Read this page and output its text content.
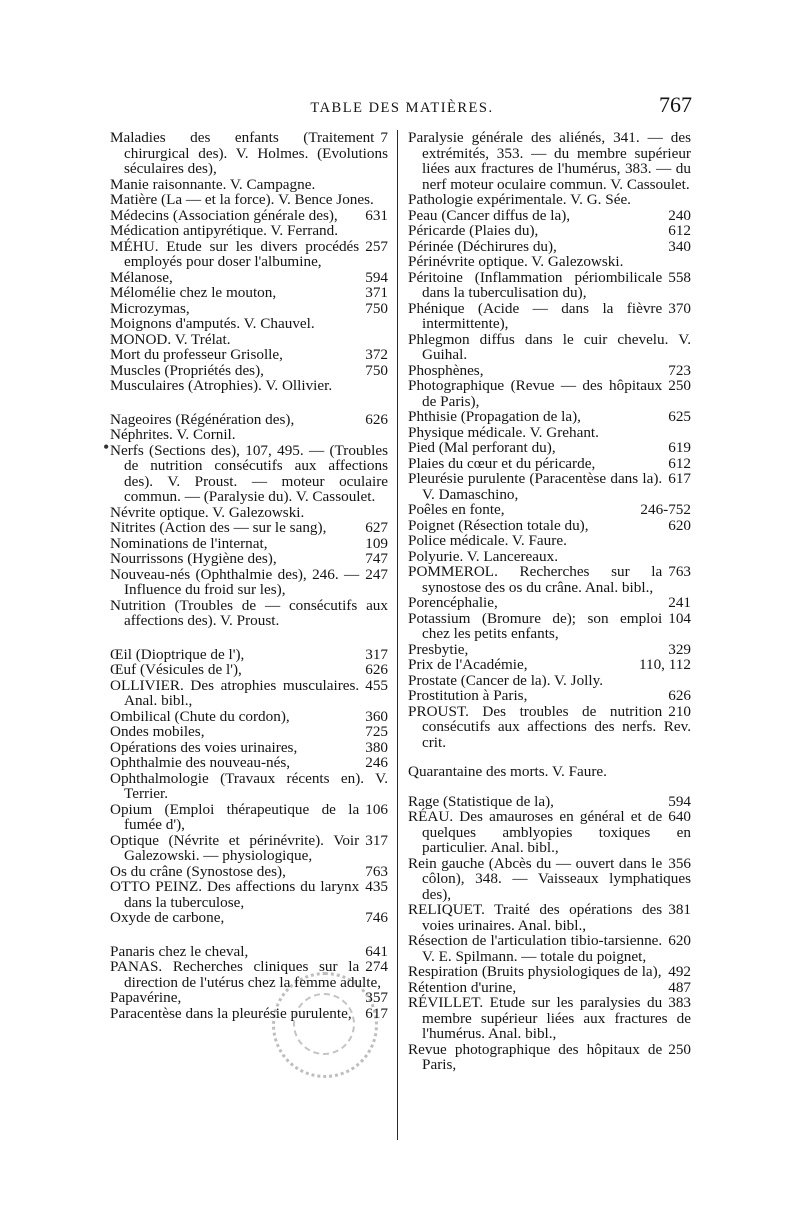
TABLE DES MATIÈRES.	767

7
Maladies des enfants (Traitement chirurgical des). V. Holmes. (Evolutions séculaires des),

Manie raisonnante. V. Campagne.

Matière (La — et la force). V. Bence Jones.

631
Médecins (Association générale des),

Médication antipyrétique. V. Ferrand.

257
MÉHU. Etude sur les divers procédés employés pour doser l'albumine,

594
Mélanose,

371
Mélomélie chez le mouton,

750
Microzymas,

Moignons d'amputés. V. Chauvel.

MONOD. V. Trélat.

372
Mort du professeur Grisolle,

750
Muscles (Propriétés des),

Musculaires (Atrophies). V. Ollivier.

626
Nageoires (Régénération des),

Néphrites. V. Cornil.

Nerfs (Sections des), 107, 495. — (Troubles de nutrition consécutifs aux affections des). V. Proust. — moteur oculaire commun. — (Paralysie du). V. Cassoulet.

Névrite optique. V. Galezowski.

627
Nitrites (Action des — sur le sang),

109
Nominations de l'internat,

747
Nourrissons (Hygiène des),

247
Nouveau-nés (Ophthalmie des), 246. — Influence du froid sur les),

Nutrition (Troubles de — consécutifs aux affections des). V. Proust.

317
Œil (Dioptrique de l'),

626
Œuf (Vésicules de l'),

455
OLLIVIER. Des atrophies musculaires. Anal. bibl.,

360
Ombilical (Chute du cordon),

725
Ondes mobiles,

380
Opérations des voies urinaires,

246
Ophthalmie des nouveau-nés,

Ophthalmologie (Travaux récents en). V. Terrier.

106
Opium (Emploi thérapeutique de la fumée d'),

317
Optique (Névrite et périnévrite). Voir Galezowski. — physiologique,

763
Os du crâne (Synostose des),

435
OTTO PEINZ. Des affections du larynx dans la tuberculose,

746
Oxyde de carbone,

641
Panaris chez le cheval,

274
PANAS. Recherches cliniques sur la direction de l'utérus chez la femme adulte,

357
Papavérine,

617
Paracentèse dans la pleurésie purulente,

Paralysie générale des aliénés, 341. — des extrémités, 353. — du membre supérieur liées aux fractures de l'humérus, 383. — du nerf moteur oculaire commun. V. Cassoulet.

Pathologie expérimentale. V. G. Sée.

240
Peau (Cancer diffus de la),

612
Péricarde (Plaies du),

340
Périnée (Déchirures du),

Périnévrite optique. V. Galezowski.

558
Péritoine (Inflammation périombilicale dans la tuberculisation du),

370
Phénique (Acide — dans la fièvre intermittente),

Phlegmon diffus dans le cuir chevelu. V. Guihal.

723
Phosphènes,

250
Photographique (Revue — des hôpitaux de Paris),

625
Phthisie (Propagation de la),

Physique médicale. V. Grehant.

619
Pied (Mal perforant du),

612
Plaies du cœur et du péricarde,

617
Pleurésie purulente (Paracentèse dans la). V. Damaschino,

246-752
Poêles en fonte,

620
Poignet (Résection totale du),

Police médicale. V. Faure.

Polyurie. V. Lancereaux.

763
POMMEROL. Recherches sur la synostose des os du crâne. Anal. bibl.,

241
Porencéphalie,

104
Potassium (Bromure de); son emploi chez les petits enfants,

329
Presbytie,

110, 112
Prix de l'Académie,

Prostate (Cancer de la). V. Jolly.

626
Prostitution à Paris,

210
PROUST. Des troubles de nutrition consécutifs aux affections des nerfs. Rev. crit.

Quarantaine des morts. V. Faure.

594
Rage (Statistique de la),

640
RÉAU. Des amauroses en général et de quelques amblyopies toxiques en particulier. Anal. bibl.,

356
Rein gauche (Abcès du — ouvert dans le côlon), 348. — Vaisseaux lymphatiques des),

381
RELIQUET. Traité des opérations des voies urinaires. Anal. bibl.,

620
Résection de l'articulation tibio-tarsienne. V. E. Spilmann. — totale du poignet,

492
Respiration (Bruits physiologiques de la),

487
Rétention d'urine,

383
RÉVILLET. Etude sur les paralysies du membre supérieur liées aux fractures de l'humérus. Anal. bibl.,

250
Revue photographique des hôpitaux de Paris,

•
